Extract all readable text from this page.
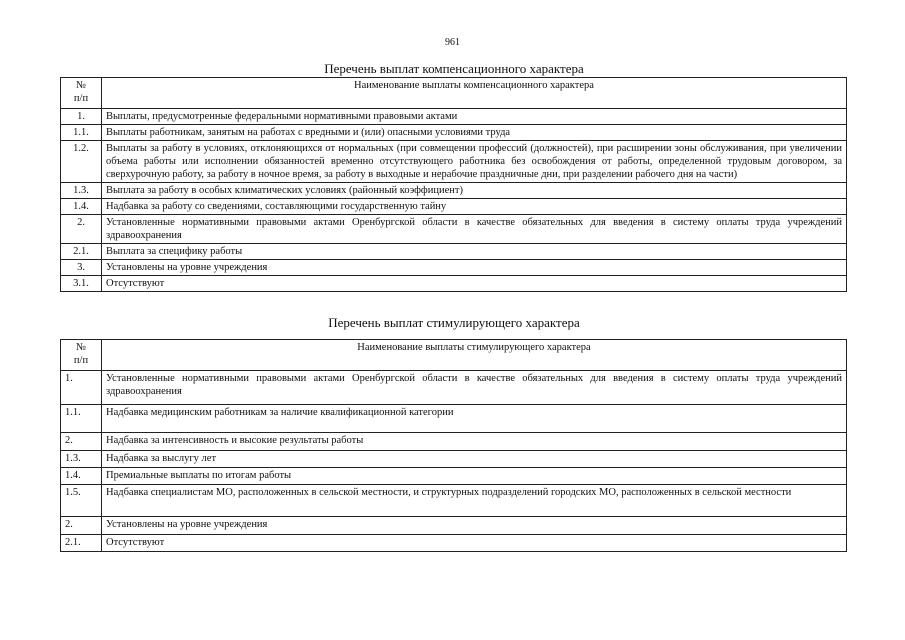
961
Перечень выплат компенсационного характера
№
п/п	Наименование выплаты компенсационного характера
1.	Выплаты, предусмотренные федеральными нормативными правовыми актами
1.1.	Выплаты работникам, занятым на работах с вредными и (или) опасными условиями труда
1.2.	Выплаты за работу в условиях, отклоняющихся от нормальных (при совмещении профессий (должностей), при расширении зоны обслуживания, при увеличении объема работы или исполнении обязанностей временно отсутствующего работника без освобождения от работы, определенной трудовым договором, за сверхурочную работу, за работу в ночное время, за работу в выходные и нерабочие праздничные дни, при разделении рабочего дня на части)
1.3.	Выплата за работу в особых климатических условиях (районный коэффициент)
1.4.	Надбавка за работу со сведениями, составляющими государственную тайну
2.	Установленные нормативными правовыми актами Оренбургской области в качестве обязательных для введения в систему оплаты труда учреждений здравоохранения
2.1.	Выплата за специфику работы
3.	Установлены на уровне учреждения
3.1.	Отсутствуют
Перечень выплат стимулирующего характера
№
п/п	Наименование выплаты стимулирующего характера
1.	Установленные нормативными правовыми актами Оренбургской области в качестве обязательных для введения в систему оплаты труда учреждений здравоохранения
1.1.	Надбавка медицинским работникам за наличие квалификационной категории
2.	Надбавка за интенсивность и высокие результаты работы
1.3.	Надбавка за выслугу лет
1.4.	Премиальные выплаты по итогам работы
1.5.	Надбавка специалистам МО, расположенных в сельской местности, и структурных подразделений городских МО, расположенных в сельской местности
2.	Установлены на уровне учреждения
2.1.	Отсутствуют
